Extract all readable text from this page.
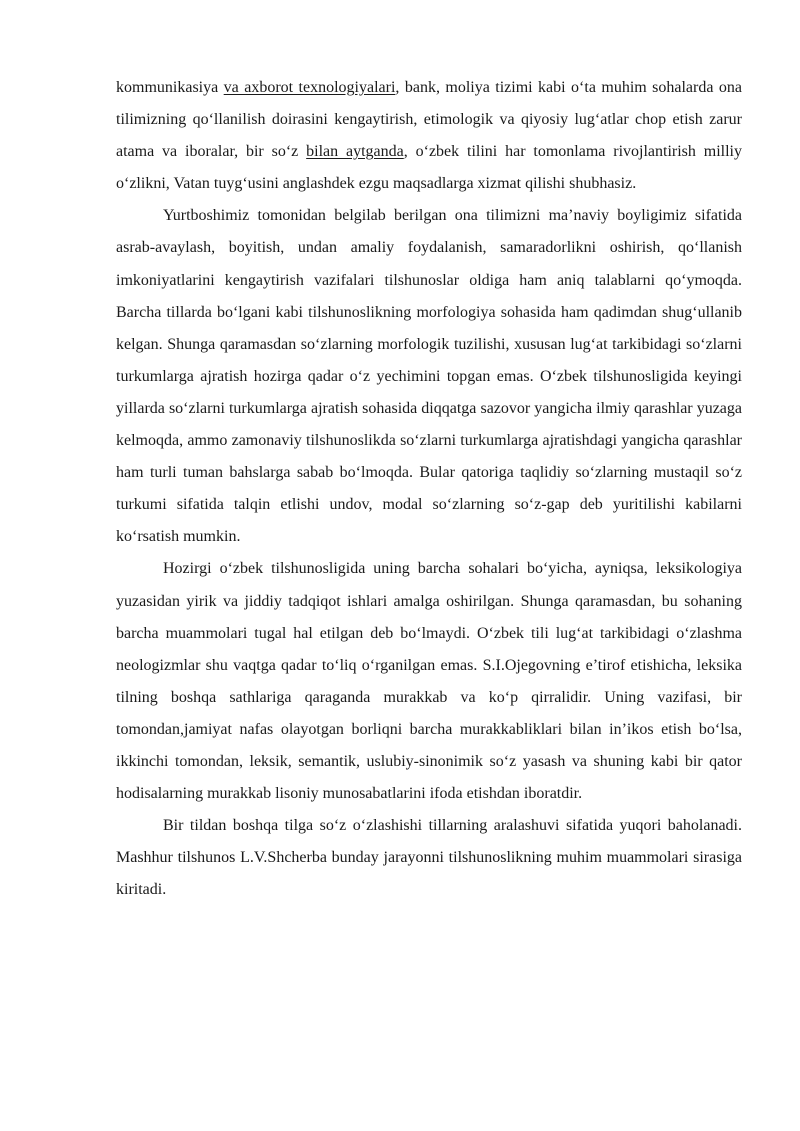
kommunikasiya va axborot texnologiyalari, bank, moliya tizimi kabi o‘ta muhim sohalarda ona tilimizning qo‘llanilish doirasini kengaytirish, etimologik va qiyosiy lug‘atlar chop etish zarur atama va iboralar, bir so‘z bilan aytganda, o‘zbek tilini har tomonlama rivojlantirish milliy o‘zlikni, Vatan tuyg‘usini anglashdek ezgu maqsadlarga xizmat qilishi shubhasiz.

Yurtboshimiz tomonidan belgilab berilgan ona tilimizni ma’naviy boyligimiz sifatida asrab-avaylash, boyitish, undan amaliy foydalanish, samaradorlikni oshirish, qo‘llanish imkoniyatlarini kengaytirish vazifalari tilshunoslar oldiga ham aniq talablarni qo‘ymoqda. Barcha tillarda bo‘lgani kabi tilshunoslikning morfologiya sohasida ham qadimdan shug‘ullanib kelgan. Shunga qaramasdan so‘zlarning morfologik tuzilishi, xususan lug‘at tarkibidagi so‘zlarni turkumlarga ajratish hozirga qadar o‘z yechimini topgan emas. O‘zbek tilshunosligida keyingi yillarda so‘zlarni turkumlarga ajratish sohasida diqqatga sazovor yangicha ilmiy qarashlar yuzaga kelmoqda, ammo zamonaviy tilshunoslikda so‘zlarni turkumlarga ajratishdagi yangicha qarashlar ham turli tuman bahslarga sabab bo‘lmoqda. Bular qatoriga taqlidiy so‘zlarning mustaqil so‘z turkumi sifatida talqin etlishi undov, modal so‘zlarning so‘z-gap deb yuritilishi kabilarni ko‘rsatish mumkin.

Hozirgi o‘zbek tilshunosligida uning barcha sohalari bo‘yicha, ayniqsa, leksikologiya yuzasidan yirik va jiddiy tadqiqot ishlari amalga oshirilgan. Shunga qaramasdan, bu sohaning barcha muammolari tugal hal etilgan deb bo‘lmaydi. O‘zbek tili lug‘at tarkibidagi o‘zlashma neologizmlar shu vaqtga qadar to‘liq o‘rganilgan emas. S.I.Ojegovning e’tirof etishicha, leksika tilning boshqa sathlariga qaraganda murakkab va ko‘p qirralidir. Uning vazifasi, bir tomondan,jamiyat nafas olayotgan borliqni barcha murakkabliklari bilan in’ikos etish bo‘lsa, ikkinchi tomondan, leksik, semantik, uslubiy-sinonimik so‘z yasash va shuning kabi bir qator hodisalarning murakkab lisoniy munosabatlarini ifoda etishdan iboratdir.

Bir tildan boshqa tilga so‘z o‘zlashishi tillarning aralashuvi sifatida yuqori baholanadi. Mashhur tilshunos L.V.Shcherba bunday jarayonni tilshunoslikning muhim muammolari sirasiga kiritadi.
